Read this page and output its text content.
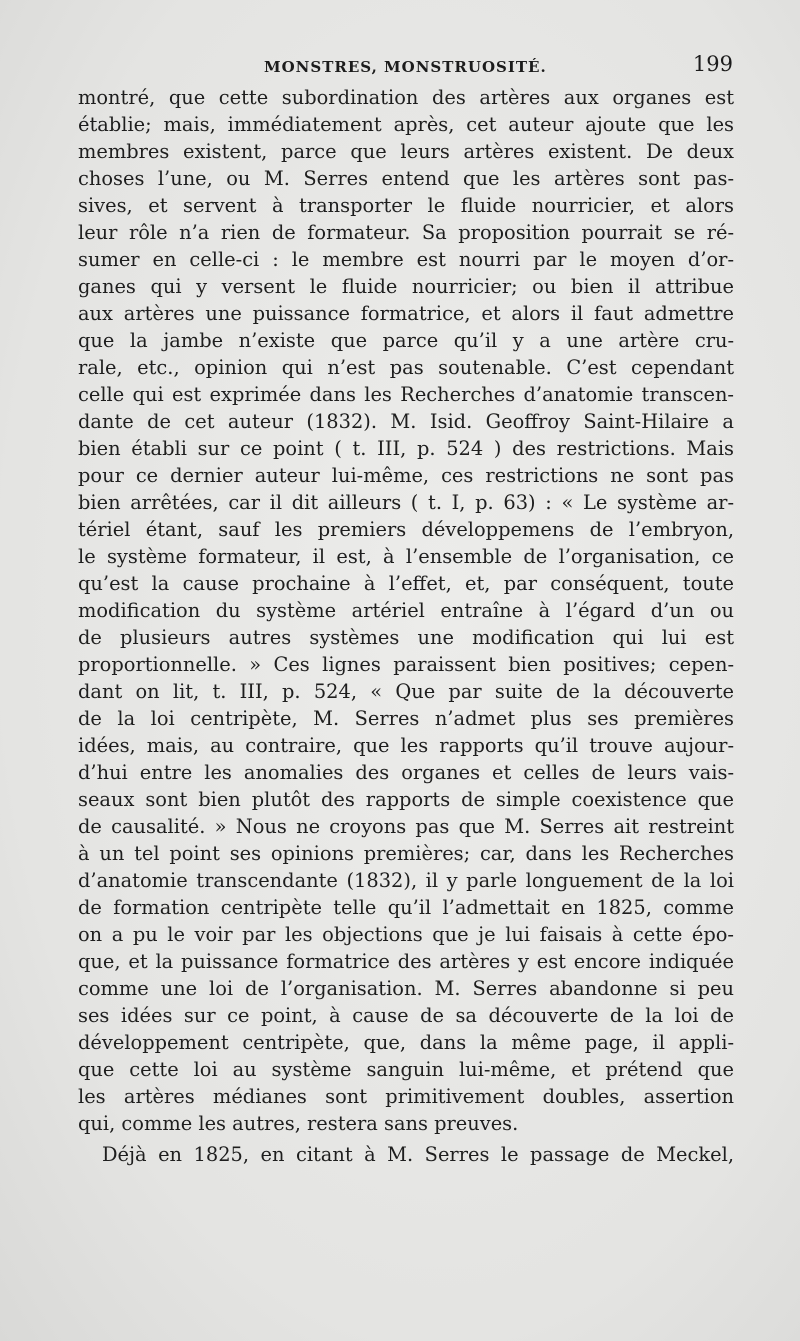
MONSTRES, MONSTRUOSITÉ.	199
montré, que cette subordination des artères aux organes est
établie; mais, immédiatement après, cet auteur ajoute que les
membres existent, parce que leurs artères existent. De deux
choses l’une, ou M. Serres entend que les artères sont pas-
sives, et servent à transporter le fluide nourricier, et alors
leur rôle n’a rien de formateur. Sa proposition pourrait se ré-
sumer en celle-ci : le membre est nourri par le moyen d’or-
ganes qui y versent le fluide nourricier; ou bien il attribue
aux artères une puissance formatrice, et alors il faut admettre
que la jambe n’existe que parce qu’il y a une artère cru-
rale, etc., opinion qui n’est pas soutenable. C’est cependant
celle qui est exprimée dans les Recherches d’anatomie transcen-
dante de cet auteur (1832). M. Isid. Geoffroy Saint-Hilaire a
bien établi sur ce point ( t. III, p. 524 ) des restrictions. Mais
pour ce dernier auteur lui-même, ces restrictions ne sont pas
bien arrêtées, car il dit ailleurs ( t. I, p. 63) : « Le système ar-
tériel étant, sauf les premiers développemens de l’embryon,
le système formateur, il est, à l’ensemble de l’organisation, ce
qu’est la cause prochaine à l’effet, et, par conséquent, toute
modification du système artériel entraîne à l’égard d’un ou
de plusieurs autres systèmes une modification qui lui est
proportionnelle. » Ces lignes paraissent bien positives; cepen-
dant on lit, t. III, p. 524, « Que par suite de la découverte
de la loi centripète, M. Serres n’admet plus ses premières
idées, mais, au contraire, que les rapports qu’il trouve aujour-
d’hui entre les anomalies des organes et celles de leurs vais-
seaux sont bien plutôt des rapports de simple coexistence que
de causalité. » Nous ne croyons pas que M. Serres ait restreint
à un tel point ses opinions premières; car, dans les Recherches
d’anatomie transcendante (1832), il y parle longuement de la loi
de formation centripète telle qu’il l’admettait en 1825, comme
on a pu le voir par les objections que je lui faisais à cette épo-
que, et la puissance formatrice des artères y est encore indiquée
comme une loi de l’organisation. M. Serres abandonne si peu
ses idées sur ce point, à cause de sa découverte de la loi de
développement centripète, que, dans la même page, il appli-
que cette loi au système sanguin lui-même, et prétend que
les artères médianes sont primitivement doubles, assertion
qui, comme les autres, restera sans preuves.
Déjà en 1825, en citant à M. Serres le passage de Meckel,
